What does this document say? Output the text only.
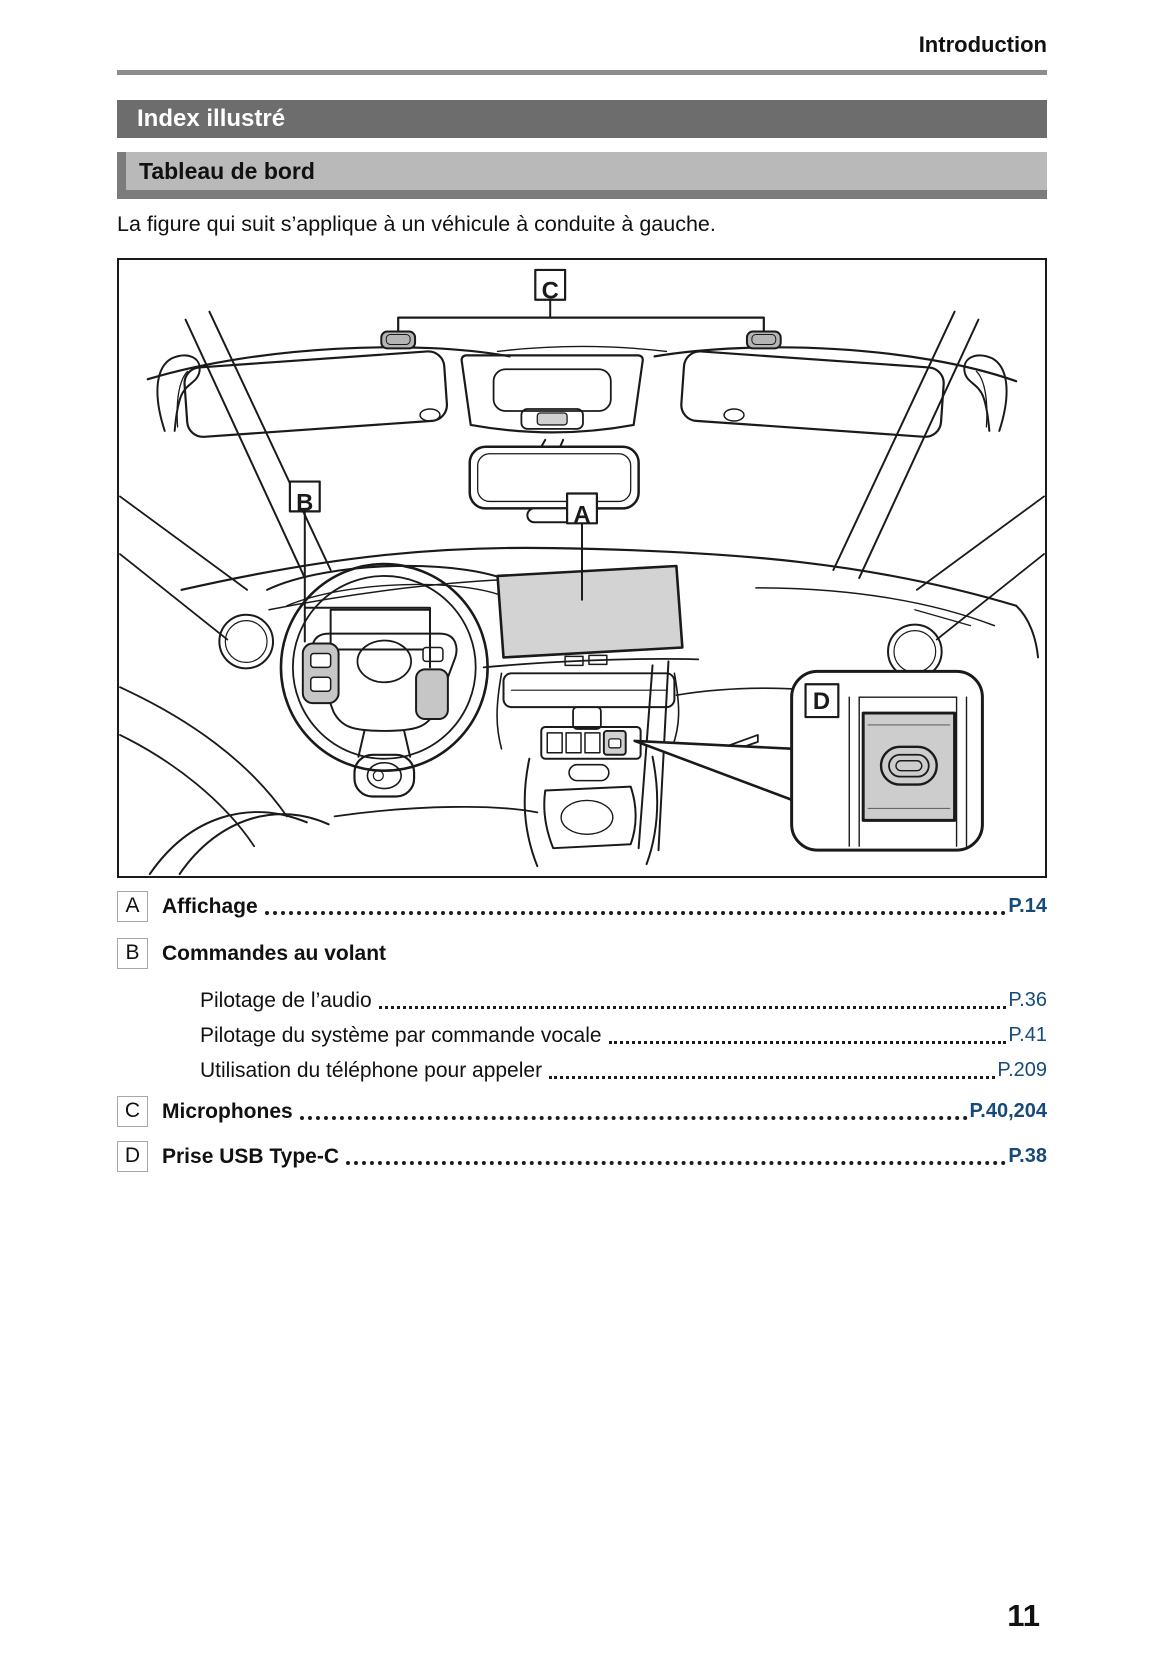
Introduction
Index illustré
Tableau de bord
La figure qui suit s’applique à un véhicule à conduite à gauche.
C
B	A
D
A	Affichage	P.14
B	Commandes au volant
Pilotage de l’audio	P.36
Pilotage du système par commande vocale	P.41
Utilisation du téléphone pour appeler	P.209
C	Microphones	P.40,204
D	Prise USB Type-C	P.38
11
